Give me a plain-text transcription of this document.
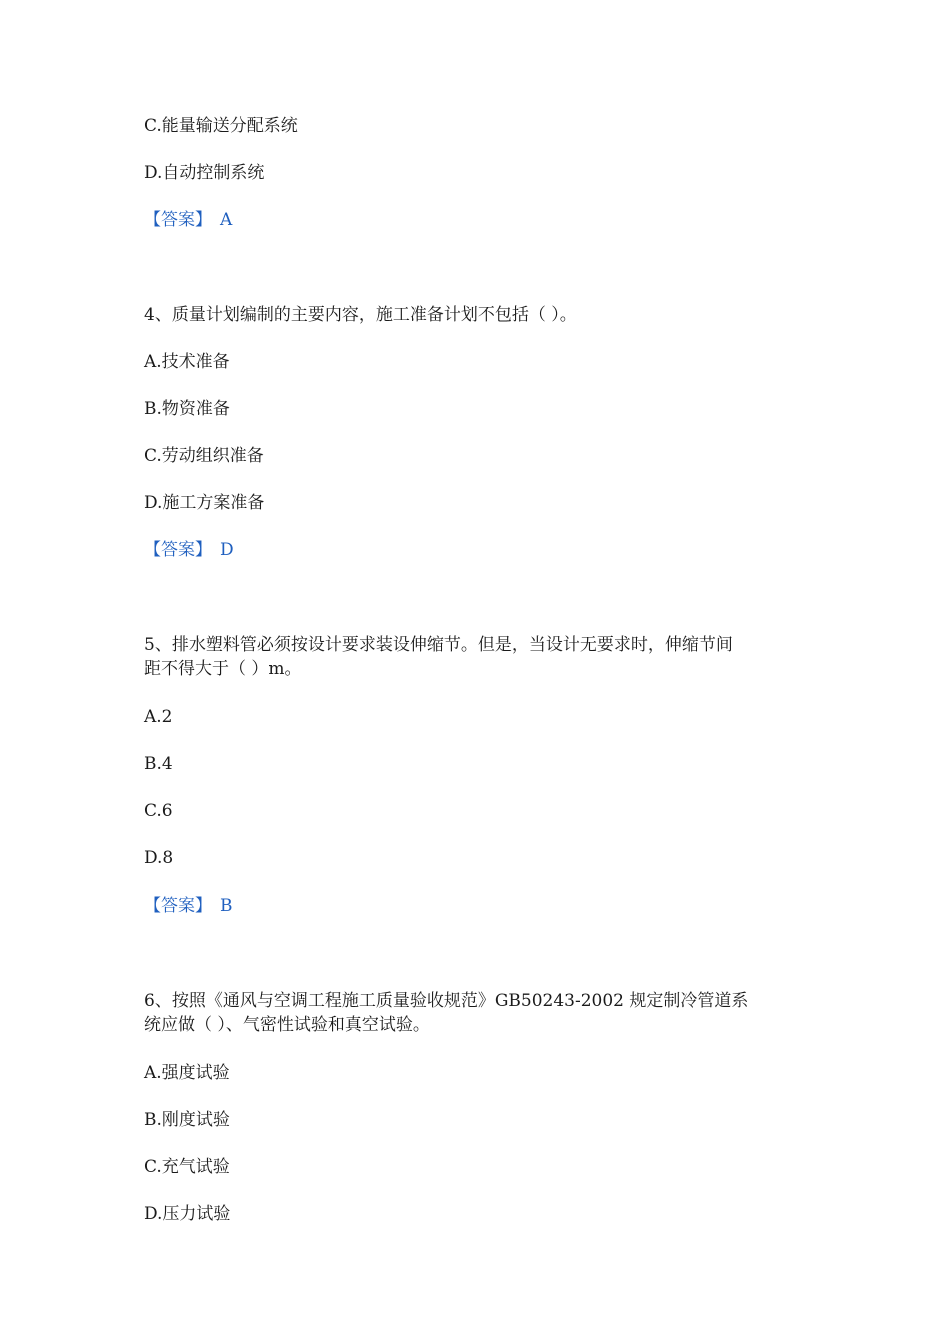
C.能量输送分配系统
D.自动控制系统
【答案】 A
4、质量计划编制的主要内容，施工准备计划不包括（ ）。
A.技术准备
B.物资准备
C.劳动组织准备
D.施工方案准备
【答案】 D
5、排水塑料管必须按设计要求装设伸缩节。但是，当设计无要求时，伸缩节间
距不得大于（ ）m。
A.2
B.4
C.6
D.8
【答案】 B
6、按照《通风与空调工程施工质量验收规范》GB50243-2002 规定制冷管道系
统应做（ ）、气密性试验和真空试验。
A.强度试验
B.刚度试验
C.充气试验
D.压力试验
